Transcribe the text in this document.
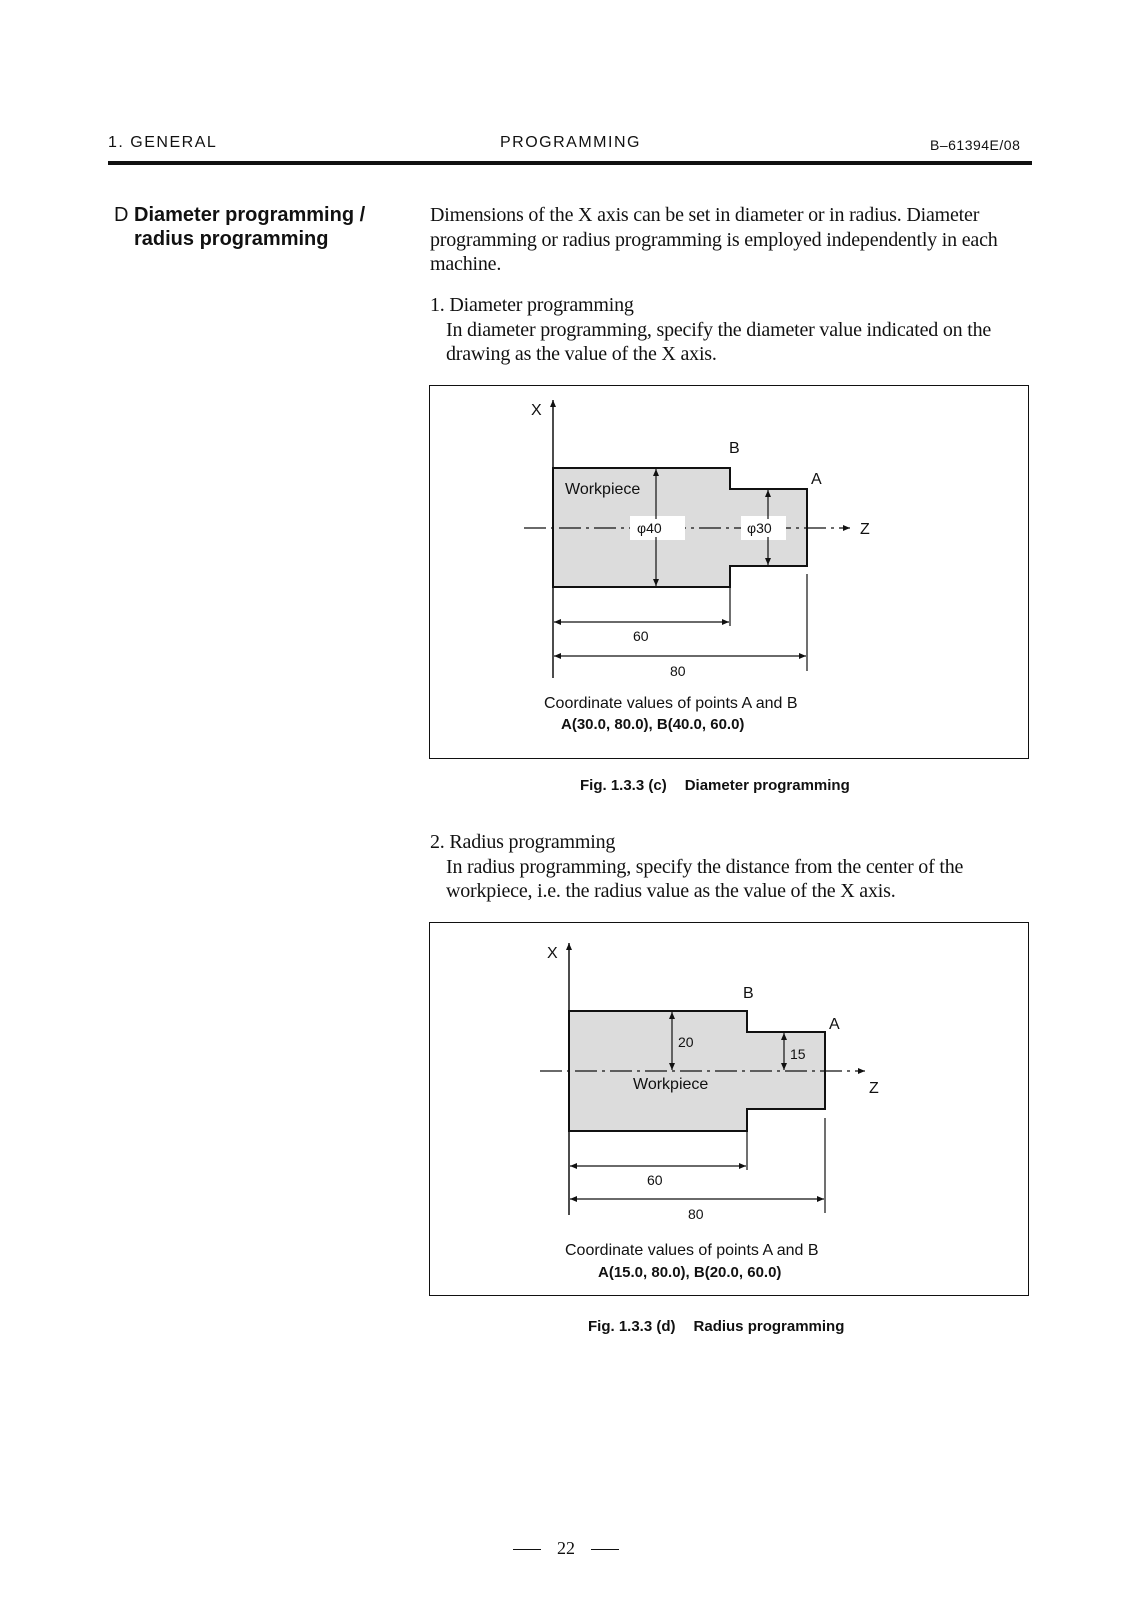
1. GENERAL	PROGRAMMING	B–61394E/08
D Diameter programming /
radius programming
Dimensions of the X axis can be set in diameter or in radius. Diameter
programming or radius programming is employed independently in each
machine.
1. Diameter programming
In diameter programming, specify the diameter value indicated on the
drawing as the value of the X axis.
X
Z
B
A
Workpiece
φ40	φ30
60
80
Coordinate values of points A and B
A(30.0, 80.0), B(40.0, 60.0)
Fig. 1.3.3 (c) Diameter programming
2. Radius programming
In radius programming, specify the distance from the center of the
workpiece, i.e. the radius value as the value of the X axis.
X
Z
B
A
20
15
Workpiece
60
80
Coordinate values of points A and B
A(15.0, 80.0), B(20.0, 60.0)
Fig. 1.3.3 (d) Radius programming
22
